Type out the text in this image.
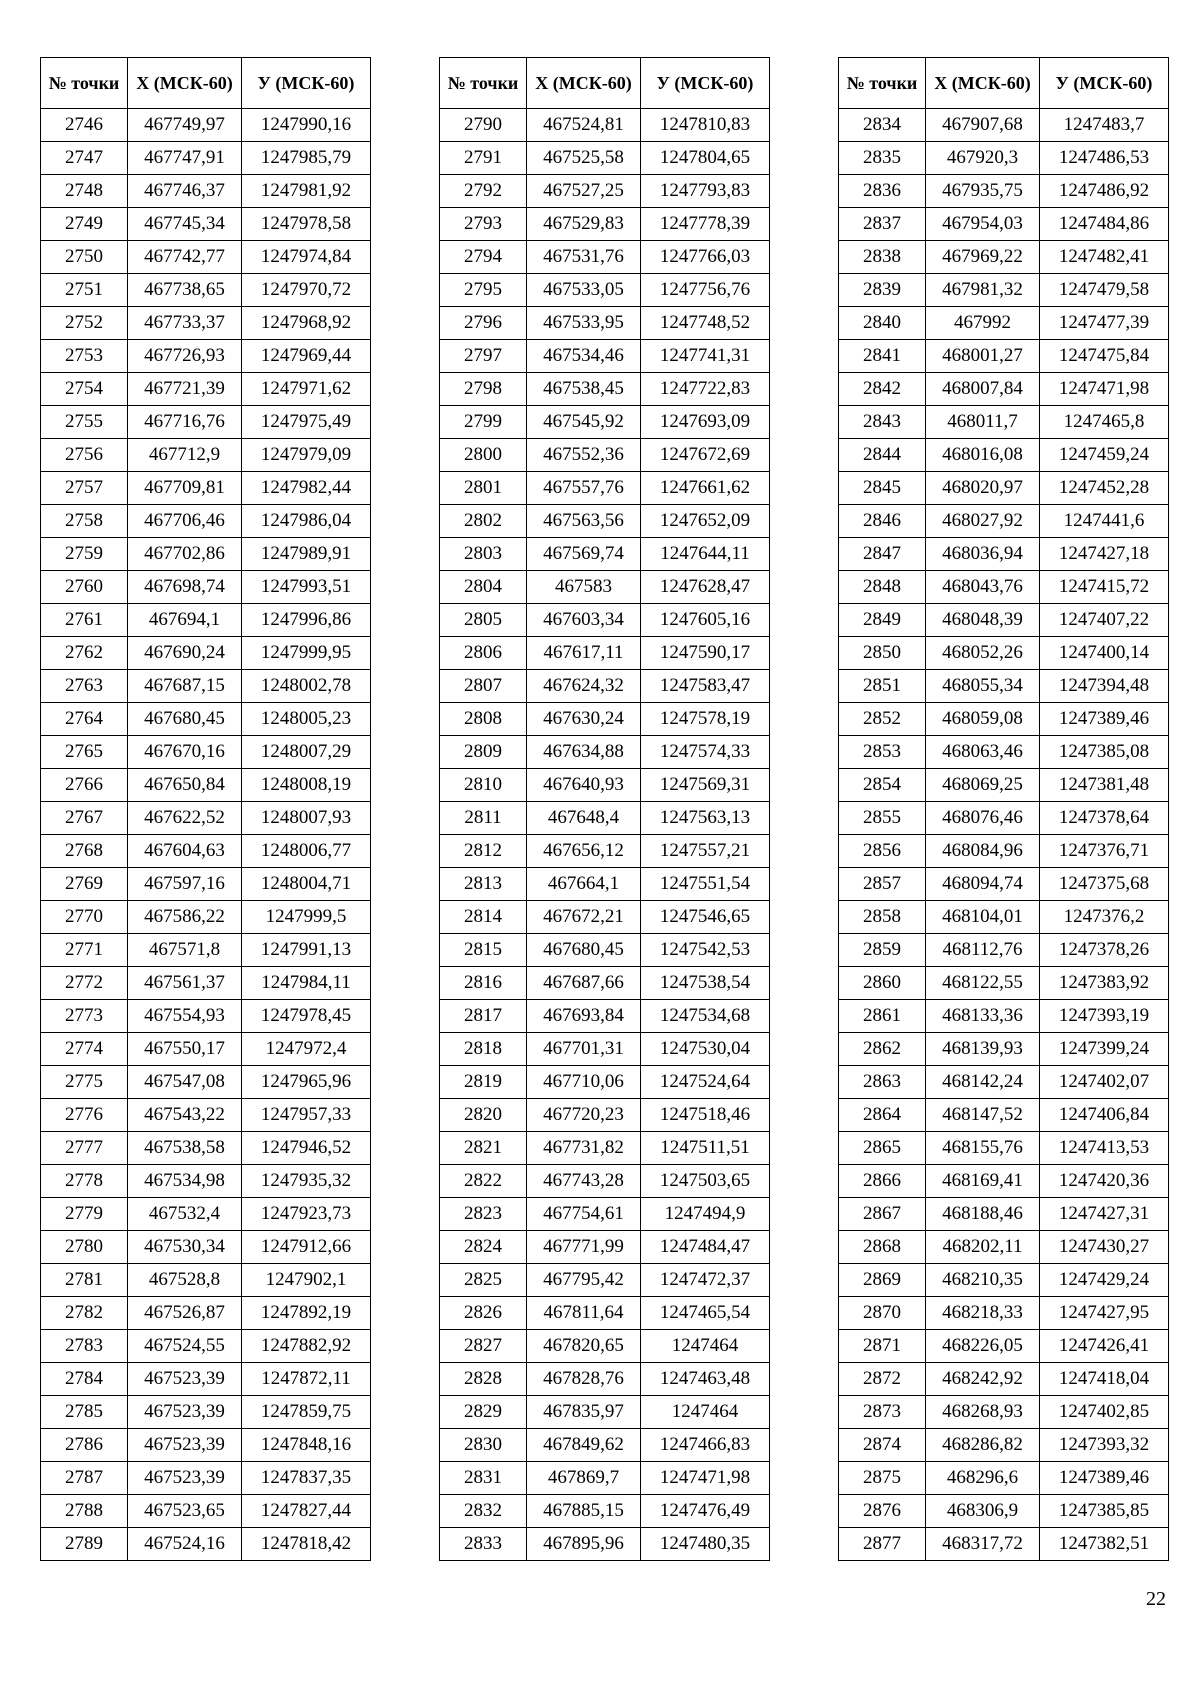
№ точки	X (МСК-60)	У (МСК-60)
2746	467749,97	1247990,16
2747	467747,91	1247985,79
2748	467746,37	1247981,92
2749	467745,34	1247978,58
2750	467742,77	1247974,84
2751	467738,65	1247970,72
2752	467733,37	1247968,92
2753	467726,93	1247969,44
2754	467721,39	1247971,62
2755	467716,76	1247975,49
2756	467712,9	1247979,09
2757	467709,81	1247982,44
2758	467706,46	1247986,04
2759	467702,86	1247989,91
2760	467698,74	1247993,51
2761	467694,1	1247996,86
2762	467690,24	1247999,95
2763	467687,15	1248002,78
2764	467680,45	1248005,23
2765	467670,16	1248007,29
2766	467650,84	1248008,19
2767	467622,52	1248007,93
2768	467604,63	1248006,77
2769	467597,16	1248004,71
2770	467586,22	1247999,5
2771	467571,8	1247991,13
2772	467561,37	1247984,11
2773	467554,93	1247978,45
2774	467550,17	1247972,4
2775	467547,08	1247965,96
2776	467543,22	1247957,33
2777	467538,58	1247946,52
2778	467534,98	1247935,32
2779	467532,4	1247923,73
2780	467530,34	1247912,66
2781	467528,8	1247902,1
2782	467526,87	1247892,19
2783	467524,55	1247882,92
2784	467523,39	1247872,11
2785	467523,39	1247859,75
2786	467523,39	1247848,16
2787	467523,39	1247837,35
2788	467523,65	1247827,44
2789	467524,16	1247818,42
№ точки	X (МСК-60)	У (МСК-60)
2790	467524,81	1247810,83
2791	467525,58	1247804,65
2792	467527,25	1247793,83
2793	467529,83	1247778,39
2794	467531,76	1247766,03
2795	467533,05	1247756,76
2796	467533,95	1247748,52
2797	467534,46	1247741,31
2798	467538,45	1247722,83
2799	467545,92	1247693,09
2800	467552,36	1247672,69
2801	467557,76	1247661,62
2802	467563,56	1247652,09
2803	467569,74	1247644,11
2804	467583	1247628,47
2805	467603,34	1247605,16
2806	467617,11	1247590,17
2807	467624,32	1247583,47
2808	467630,24	1247578,19
2809	467634,88	1247574,33
2810	467640,93	1247569,31
2811	467648,4	1247563,13
2812	467656,12	1247557,21
2813	467664,1	1247551,54
2814	467672,21	1247546,65
2815	467680,45	1247542,53
2816	467687,66	1247538,54
2817	467693,84	1247534,68
2818	467701,31	1247530,04
2819	467710,06	1247524,64
2820	467720,23	1247518,46
2821	467731,82	1247511,51
2822	467743,28	1247503,65
2823	467754,61	1247494,9
2824	467771,99	1247484,47
2825	467795,42	1247472,37
2826	467811,64	1247465,54
2827	467820,65	1247464
2828	467828,76	1247463,48
2829	467835,97	1247464
2830	467849,62	1247466,83
2831	467869,7	1247471,98
2832	467885,15	1247476,49
2833	467895,96	1247480,35
№ точки	X (МСК-60)	У (МСК-60)
2834	467907,68	1247483,7
2835	467920,3	1247486,53
2836	467935,75	1247486,92
2837	467954,03	1247484,86
2838	467969,22	1247482,41
2839	467981,32	1247479,58
2840	467992	1247477,39
2841	468001,27	1247475,84
2842	468007,84	1247471,98
2843	468011,7	1247465,8
2844	468016,08	1247459,24
2845	468020,97	1247452,28
2846	468027,92	1247441,6
2847	468036,94	1247427,18
2848	468043,76	1247415,72
2849	468048,39	1247407,22
2850	468052,26	1247400,14
2851	468055,34	1247394,48
2852	468059,08	1247389,46
2853	468063,46	1247385,08
2854	468069,25	1247381,48
2855	468076,46	1247378,64
2856	468084,96	1247376,71
2857	468094,74	1247375,68
2858	468104,01	1247376,2
2859	468112,76	1247378,26
2860	468122,55	1247383,92
2861	468133,36	1247393,19
2862	468139,93	1247399,24
2863	468142,24	1247402,07
2864	468147,52	1247406,84
2865	468155,76	1247413,53
2866	468169,41	1247420,36
2867	468188,46	1247427,31
2868	468202,11	1247430,27
2869	468210,35	1247429,24
2870	468218,33	1247427,95
2871	468226,05	1247426,41
2872	468242,92	1247418,04
2873	468268,93	1247402,85
2874	468286,82	1247393,32
2875	468296,6	1247389,46
2876	468306,9	1247385,85
2877	468317,72	1247382,51
22
